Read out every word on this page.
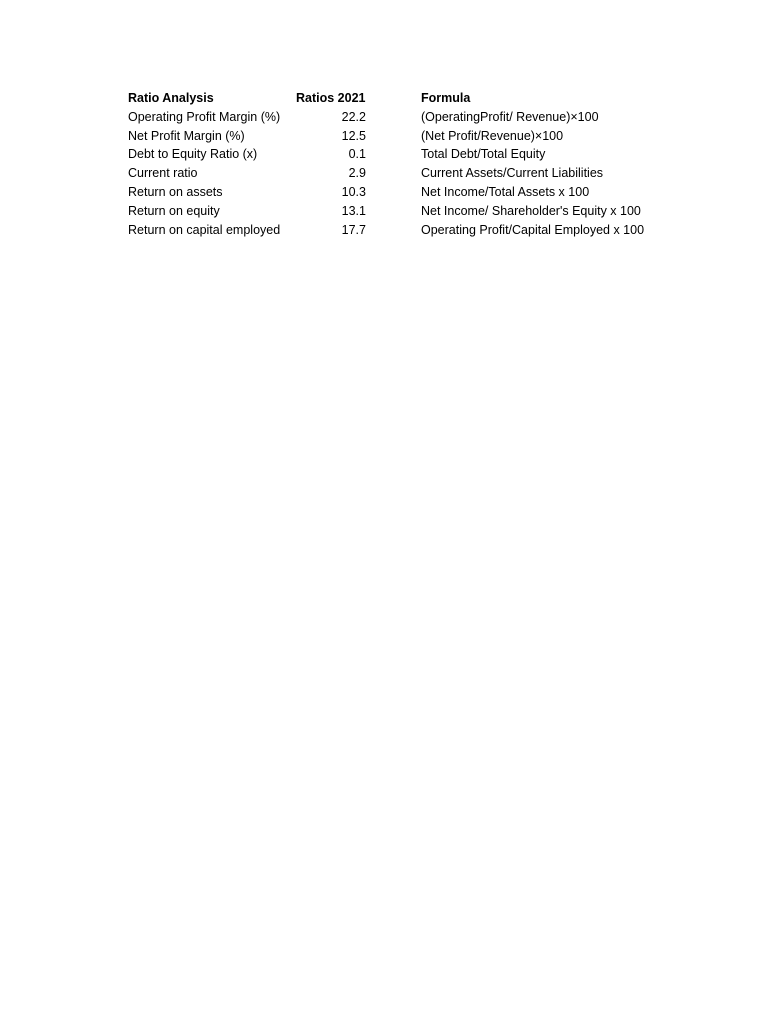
Ratio Analysis	Ratios 2021		Formula
Operating Profit Margin (%)	22.2		(OperatingProfit/ Revenue)×100
Net Profit Margin (%)	12.5		(Net Profit/Revenue)×100
Debt to Equity Ratio (x)	0.1		Total Debt/Total Equity
Current ratio	2.9		Current Assets/Current Liabilities
Return on assets	10.3		Net Income/Total Assets x 100
Return on equity	13.1		Net Income/ Shareholder's Equity x 100
Return on capital employed	17.7		Operating Profit/Capital Employed x 100
